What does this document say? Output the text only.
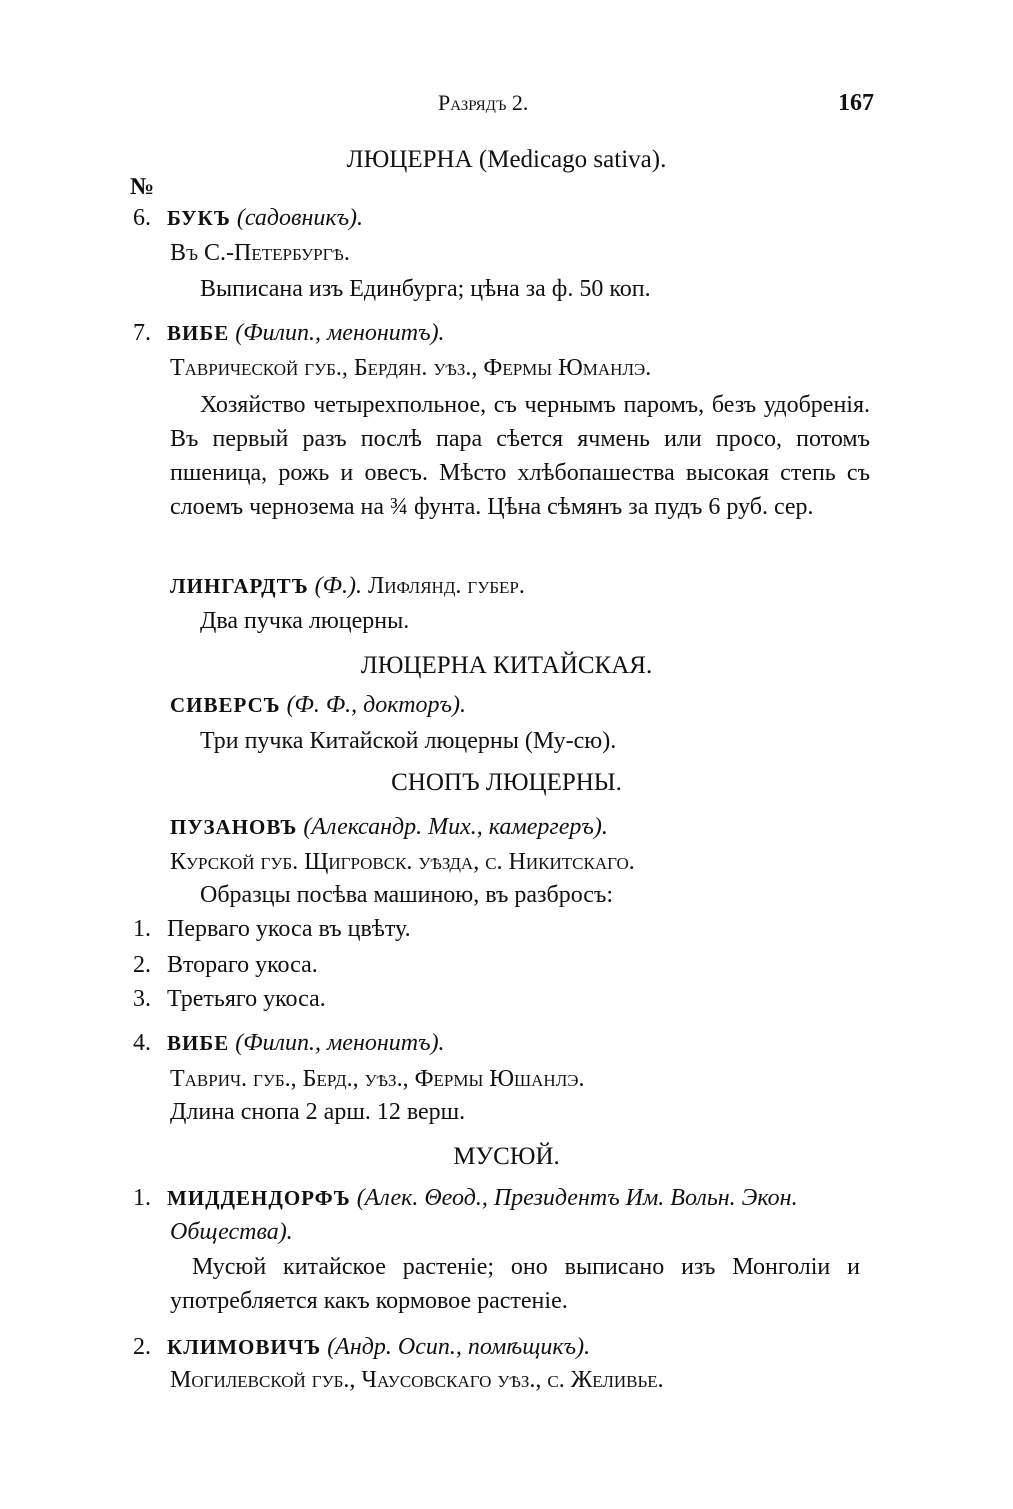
Разрядъ 2.	167
ЛЮЦЕРНА (Medicago sativa).
№
6. БУКЪ (садовникъ).
Въ С.-Петербургѣ.
Выписана изъ Единбурга; цѣна за ф. 50 коп.
7. ВИБЕ (Филип., менонитъ).
Таврической губ., Бердян. уѣз., Фермы Юманлэ.
Хозяйство четырехпольное, съ чернымъ паромъ, безъ удобренія. Въ первый разъ послѣ пара сѣется ячмень или просо, потомъ пшеница, рожь и овесъ. Мѣсто хлѣбопашества высокая степь съ слоемъ чернозема на ¾ фунта. Цѣна сѣмянъ за пудъ 6 руб. сер.
ЛИНГАРДТЪ (Ф.). Лифлянд. губер.
Два пучка люцерны.
ЛЮЦЕРНА КИТАЙСКАЯ.
СИВЕРСЪ (Ф. Ф., докторъ).
Три пучка Китайской люцерны (Му-сю).
СНОПЪ ЛЮЦЕРНЫ.
ПУЗАНОВЪ (Александр. Мих., камергеръ).
Курской губ. Щигровск. уѣзда, с. Никитскаго.
Образцы посѣва машиною, въ разбросъ:
1. Перваго укоса въ цвѣту.
2. Втораго укоса.
3. Третьяго укоса.
4. ВИБЕ (Филип., менонитъ).
Таврич. губ., Берд., уѣз., Фермы Юшанлэ.
Длина снопа 2 арш. 12 верш.
МУСЮЙ.
1. МИДДЕНДОРФЪ (Алек. Θеод., Президентъ Им. Вольн. Экон.
Общества).
Мусюй китайское растеніе; оно выписано изъ Монголіи и употребляется какъ кормовое растеніе.
2. КЛИМОВИЧЪ (Андр. Осип., помѣщикъ).
Могилевской губ., Чаусовскаго уѣз., с. Желивье.
